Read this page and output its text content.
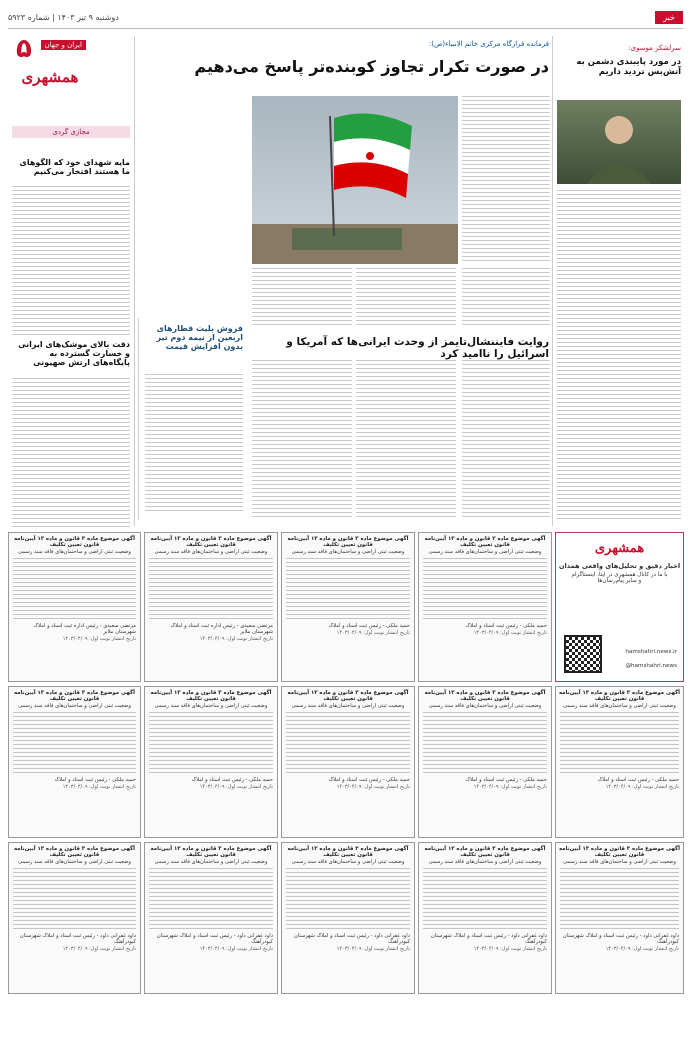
خبر
دوشنبه ۹ تیر ۱۴۰۳ | شماره ۵۹۲۳
۵	ایران و جهان
همشهری
مجازی گردی
مایه شهدای خود که الگوهای ما هستند افتخار می‌کنیم
دقت بالای موشک‌های ایرانی و خسارت گسترده به پایگاه‌های ارتش صهیونی
فروش بلیت قطارهای اربعین از نیمه دوم تیر بدون افزایش قیمت
فرمانده قرارگاه مرکزی خاتم الانبیاء(ص):
در صورت تکرار تجاوز کوبنده‌تر پاسخ می‌دهیم
روایت فایننشال‌تایمز از وحدت ایرانی‌ها که آمریکا و اسرائیل را ناامید کرد
سرلشکر موسوی:
در مورد پایبندی دشمن به آتش‌بس تردید داریم
همشهری
اخبار دقیق و تحلیل‌های واقعی همدان
با ما در کانال همشهری در ایتا، اینستاگرام
و سایر پیام‌رسان‌ها
hamshahri.news.ir
@hamshahri.news
آگهی موضوع ماده ۳ قانون و ماده ۱۳ آیین‌نامه قانون تعیین تکلیف
وضعیت ثبتی اراضی و ساختمان‌های فاقد سند رسمی
حمید ملکی - رئیس ثبت اسناد و املاک
تاریخ انتشار نوبت اول: ۱۴۰۳/۰۴/۰۹
آگهی موضوع ماده ۳ قانون و ماده ۱۳ آیین‌نامه قانون تعیین تکلیف
وضعیت ثبتی اراضی و ساختمان‌های فاقد سند رسمی
حمید ملکی - رئیس ثبت اسناد و املاک
تاریخ انتشار نوبت اول: ۱۴۰۳/۰۴/۰۹
آگهی موضوع ماده ۳ قانون و ماده ۱۳ آیین‌نامه قانون تعیین تکلیف
وضعیت ثبتی اراضی و ساختمان‌های فاقد سند رسمی
مرتضی سعیدی - رئیس اداره ثبت اسناد و املاک شهرستان ملایر
تاریخ انتشار نوبت اول: ۱۴۰۳/۰۴/۰۹
آگهی موضوع ماده ۳ قانون و ماده ۱۳ آیین‌نامه قانون تعیین تکلیف
وضعیت ثبتی اراضی و ساختمان‌های فاقد سند رسمی
مرتضی سعیدی - رئیس اداره ثبت اسناد و املاک شهرستان ملایر
تاریخ انتشار نوبت اول: ۱۴۰۳/۰۴/۰۹
آگهی موضوع ماده ۳ قانون و ماده ۱۳ آیین‌نامه قانون تعیین تکلیف
وضعیت ثبتی اراضی و ساختمان‌های فاقد سند رسمی
حمید ملکی - رئیس ثبت اسناد و املاک
تاریخ انتشار نوبت اول: ۱۴۰۳/۰۴/۰۹
آگهی موضوع ماده ۳ قانون و ماده ۱۳ آیین‌نامه قانون تعیین تکلیف
وضعیت ثبتی اراضی و ساختمان‌های فاقد سند رسمی
حمید ملکی - رئیس ثبت اسناد و املاک
تاریخ انتشار نوبت اول: ۱۴۰۳/۰۴/۰۹
آگهی موضوع ماده ۳ قانون و ماده ۱۳ آیین‌نامه قانون تعیین تکلیف
وضعیت ثبتی اراضی و ساختمان‌های فاقد سند رسمی
حمید ملکی - رئیس ثبت اسناد و املاک
تاریخ انتشار نوبت اول: ۱۴۰۳/۰۴/۰۹
آگهی موضوع ماده ۳ قانون و ماده ۱۳ آیین‌نامه قانون تعیین تکلیف
وضعیت ثبتی اراضی و ساختمان‌های فاقد سند رسمی
حمید ملکی - رئیس ثبت اسناد و املاک
تاریخ انتشار نوبت اول: ۱۴۰۳/۰۴/۰۹
آگهی موضوع ماده ۳ قانون و ماده ۱۳ آیین‌نامه قانون تعیین تکلیف
وضعیت ثبتی اراضی و ساختمان‌های فاقد سند رسمی
حمید ملکی - رئیس ثبت اسناد و املاک
تاریخ انتشار نوبت اول: ۱۴۰۳/۰۴/۰۹
آگهی موضوع ماده ۳ قانون و ماده ۱۳ آیین‌نامه قانون تعیین تکلیف
وضعیت ثبتی اراضی و ساختمان‌های فاقد سند رسمی
داود غفرانی داود - رئیس ثبت اسناد و املاک شهرستان کبودرآهنگ
تاریخ انتشار نوبت اول: ۱۴۰۳/۰۴/۰۹
آگهی موضوع ماده ۳ قانون و ماده ۱۳ آیین‌نامه قانون تعیین تکلیف
وضعیت ثبتی اراضی و ساختمان‌های فاقد سند رسمی
داود غفرانی داود - رئیس ثبت اسناد و املاک شهرستان کبودرآهنگ
تاریخ انتشار نوبت اول: ۱۴۰۳/۰۴/۰۹
آگهی موضوع ماده ۳ قانون و ماده ۱۳ آیین‌نامه قانون تعیین تکلیف
وضعیت ثبتی اراضی و ساختمان‌های فاقد سند رسمی
داود غفرانی داود - رئیس ثبت اسناد و املاک شهرستان کبودرآهنگ
تاریخ انتشار نوبت اول: ۱۴۰۳/۰۴/۰۹
آگهی موضوع ماده ۳ قانون و ماده ۱۳ آیین‌نامه قانون تعیین تکلیف
وضعیت ثبتی اراضی و ساختمان‌های فاقد سند رسمی
داود غفرانی داود - رئیس ثبت اسناد و املاک شهرستان کبودرآهنگ
تاریخ انتشار نوبت اول: ۱۴۰۳/۰۴/۰۹
آگهی موضوع ماده ۳ قانون و ماده ۱۳ آیین‌نامه قانون تعیین تکلیف
وضعیت ثبتی اراضی و ساختمان‌های فاقد سند رسمی
داود غفرانی داود - رئیس ثبت اسناد و املاک شهرستان کبودرآهنگ
تاریخ انتشار نوبت اول: ۱۴۰۳/۰۴/۰۹
